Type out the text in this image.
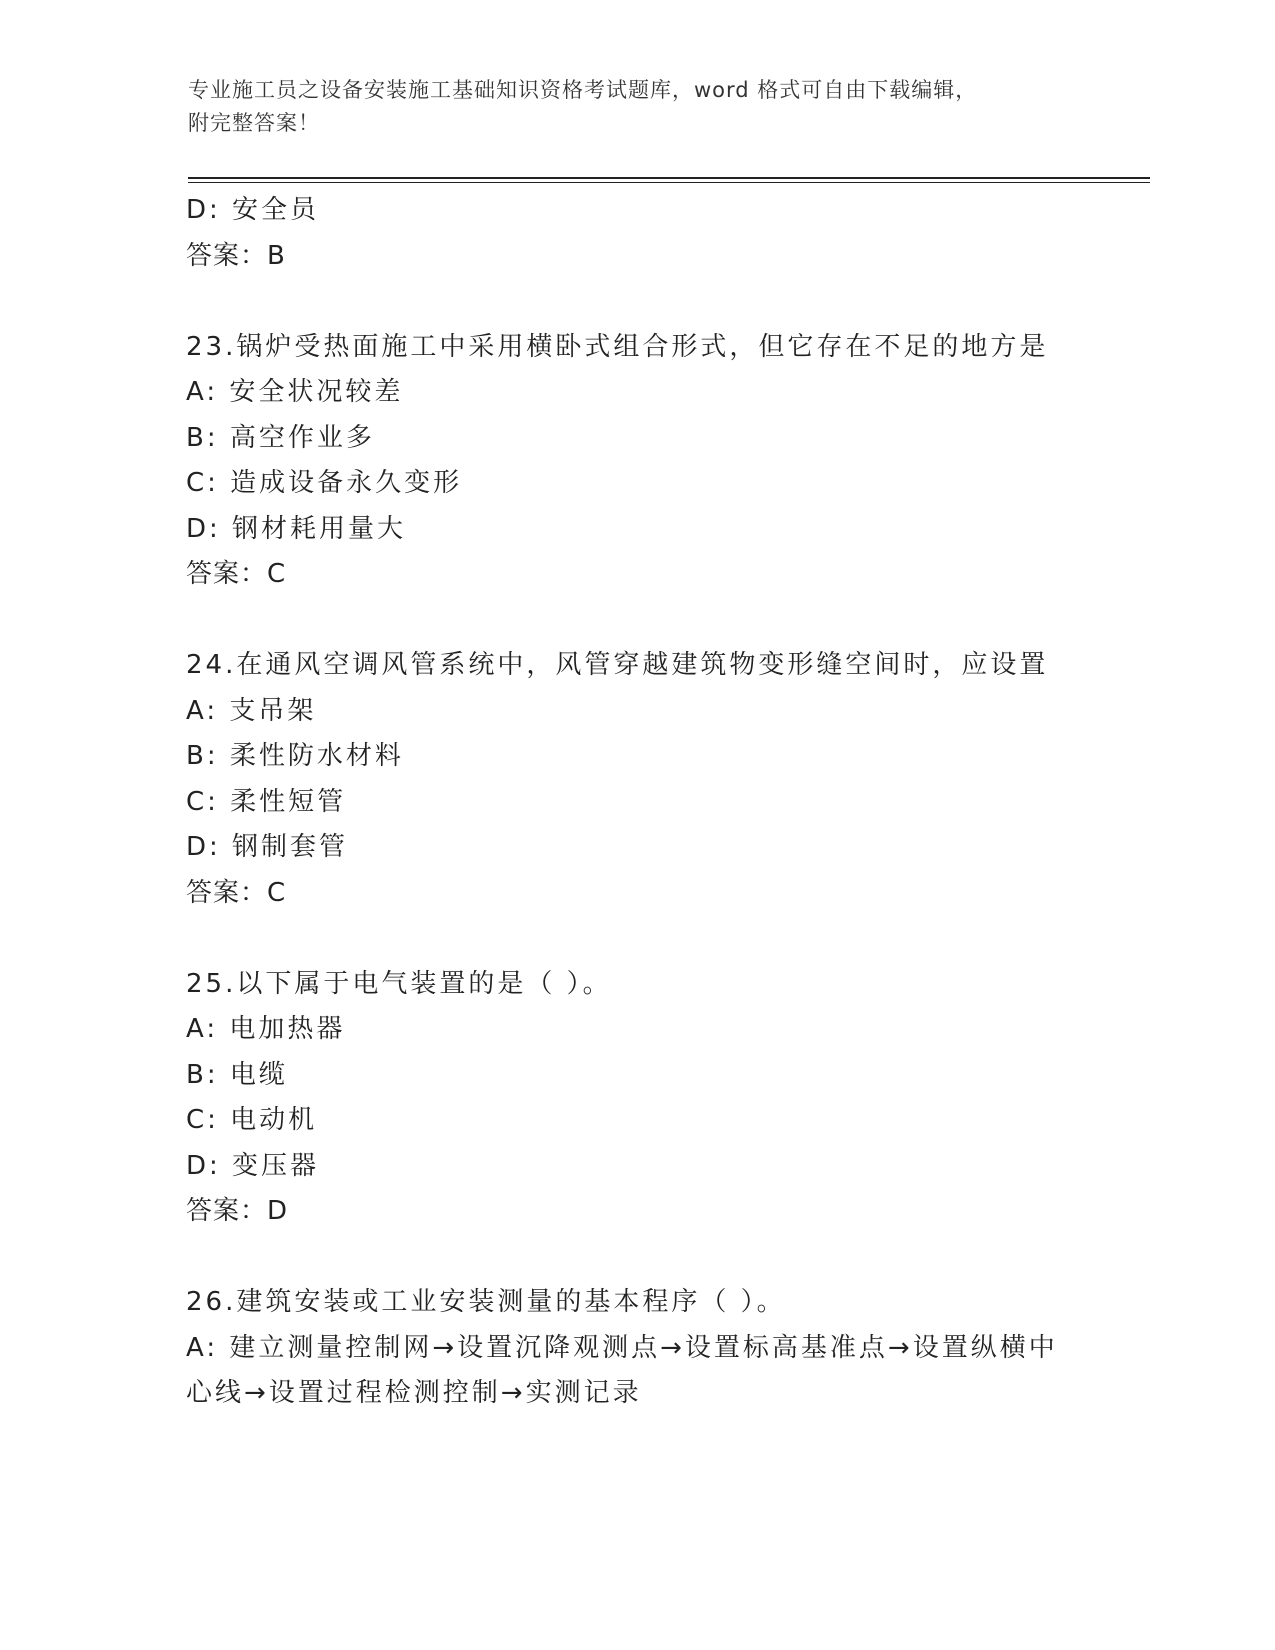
专业施工员之设备安装施工基础知识资格考试题库，word 格式可自由下载编辑，
附完整答案！
D: 安全员
答案：B
23.锅炉受热面施工中采用横卧式组合形式，但它存在不足的地方是
A: 安全状况较差
B: 高空作业多
C: 造成设备永久变形
D: 钢材耗用量大
答案：C
24.在通风空调风管系统中，风管穿越建筑物变形缝空间时，应设置
A: 支吊架
B: 柔性防水材料
C: 柔性短管
D: 钢制套管
答案：C
25.以下属于电气装置的是（ ）。
A: 电加热器
B: 电缆
C: 电动机
D: 变压器
答案：D
26.建筑安装或工业安装测量的基本程序（ ）。
A: 建立测量控制网→设置沉降观测点→设置标高基准点→设置纵横中
心线→设置过程检测控制→实测记录
